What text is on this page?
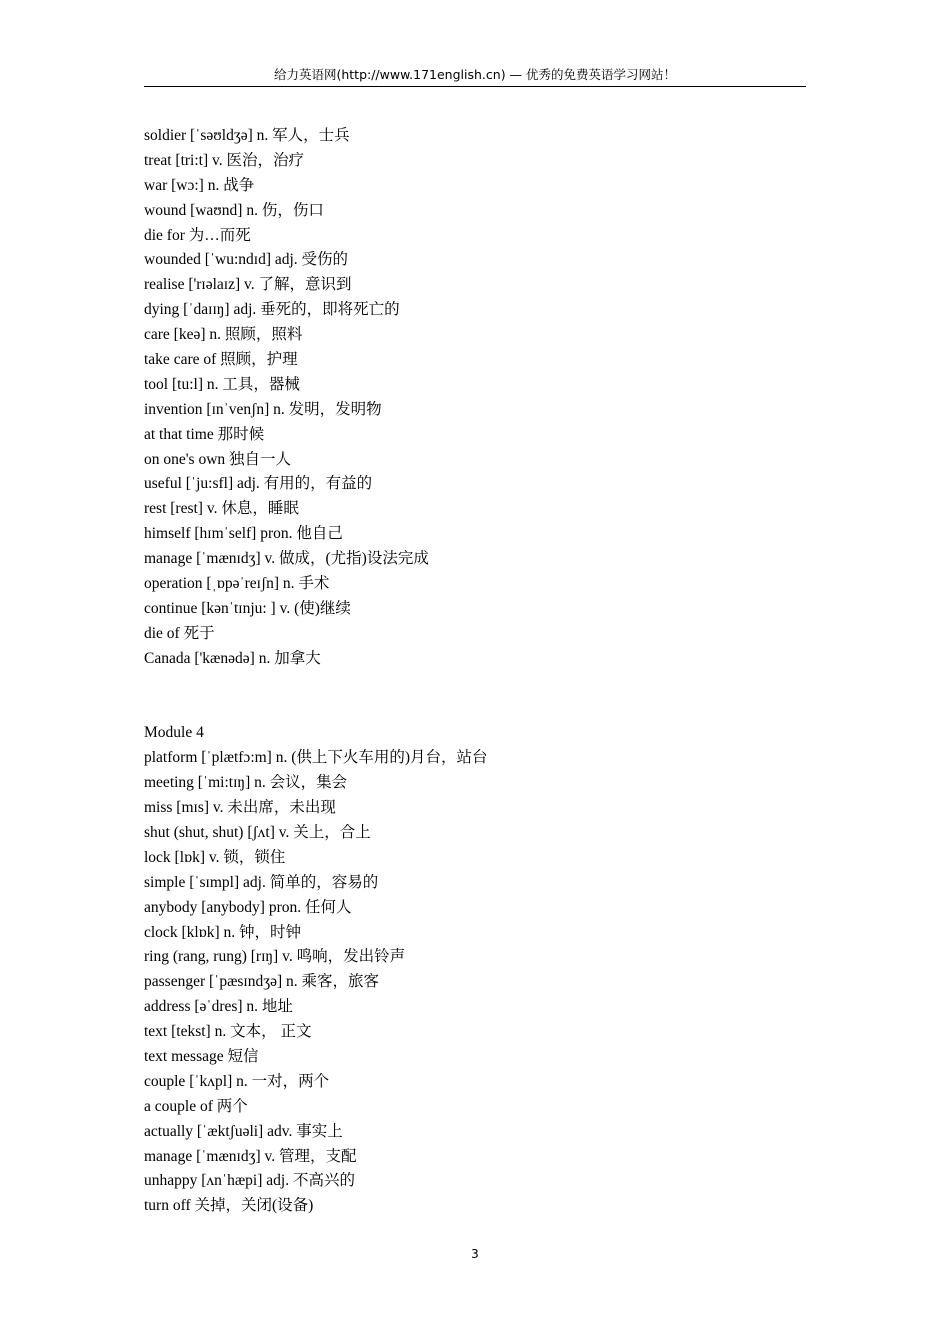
给力英语网(http://www.171english.cn) — 优秀的免费英语学习网站！
soldier [ˈsəʊldʒə] n. 军人，士兵
treat [tri:t] v. 医治，治疗
war [wɔ:] n. 战争
wound [waʊnd] n. 伤，伤口
die for 为…而死
wounded [ˈwu:ndɪd] adj. 受伤的
realise ['rɪəlaɪz] v. 了解，意识到
dying [ˈdaɪɪŋ] adj. 垂死的，即将死亡的
care [keə] n. 照顾，照料
take care of 照顾，护理
tool [tu:l] n. 工具，器械
invention [ɪnˈvenʃn] n. 发明，发明物
at that time 那时候
on one's own 独自一人
useful [ˈju:sfl] adj. 有用的，有益的
rest [rest] v. 休息，睡眠
himself [hɪmˈself] pron. 他自己
manage [ˈmænɪdʒ] v. 做成，(尤指)设法完成
operation [ˌɒpəˈreɪʃn] n. 手术
continue [kənˈtɪnju: ] v. (使)继续
die of 死于
Canada ['kænədə] n. 加拿大
Module 4
platform [ˈplætfɔ:m] n. (供上下火车用的)月台，站台
meeting [ˈmi:tɪŋ] n. 会议，集会
miss [mɪs] v. 未出席，未出现
shut (shut, shut) [ʃʌt] v. 关上，合上
lock [lɒk] v. 锁，锁住
simple [ˈsɪmpl] adj. 简单的，容易的
anybody [anybody] pron. 任何人
clock [klɒk] n. 钟，时钟
ring (rang, rung) [rɪŋ] v. 鸣响，发出铃声
passenger [ˈpæsɪndʒə] n. 乘客，旅客
address [əˈdres] n. 地址
text [tekst] n. 文本， 正文
text message 短信
couple [ˈkʌpl] n. 一对，两个
a couple of 两个
actually [ˈæktʃuəli] adv. 事实上
manage [ˈmænɪdʒ] v. 管理，支配
unhappy [ʌnˈhæpi] adj. 不高兴的
turn off 关掉，关闭(设备)
3
